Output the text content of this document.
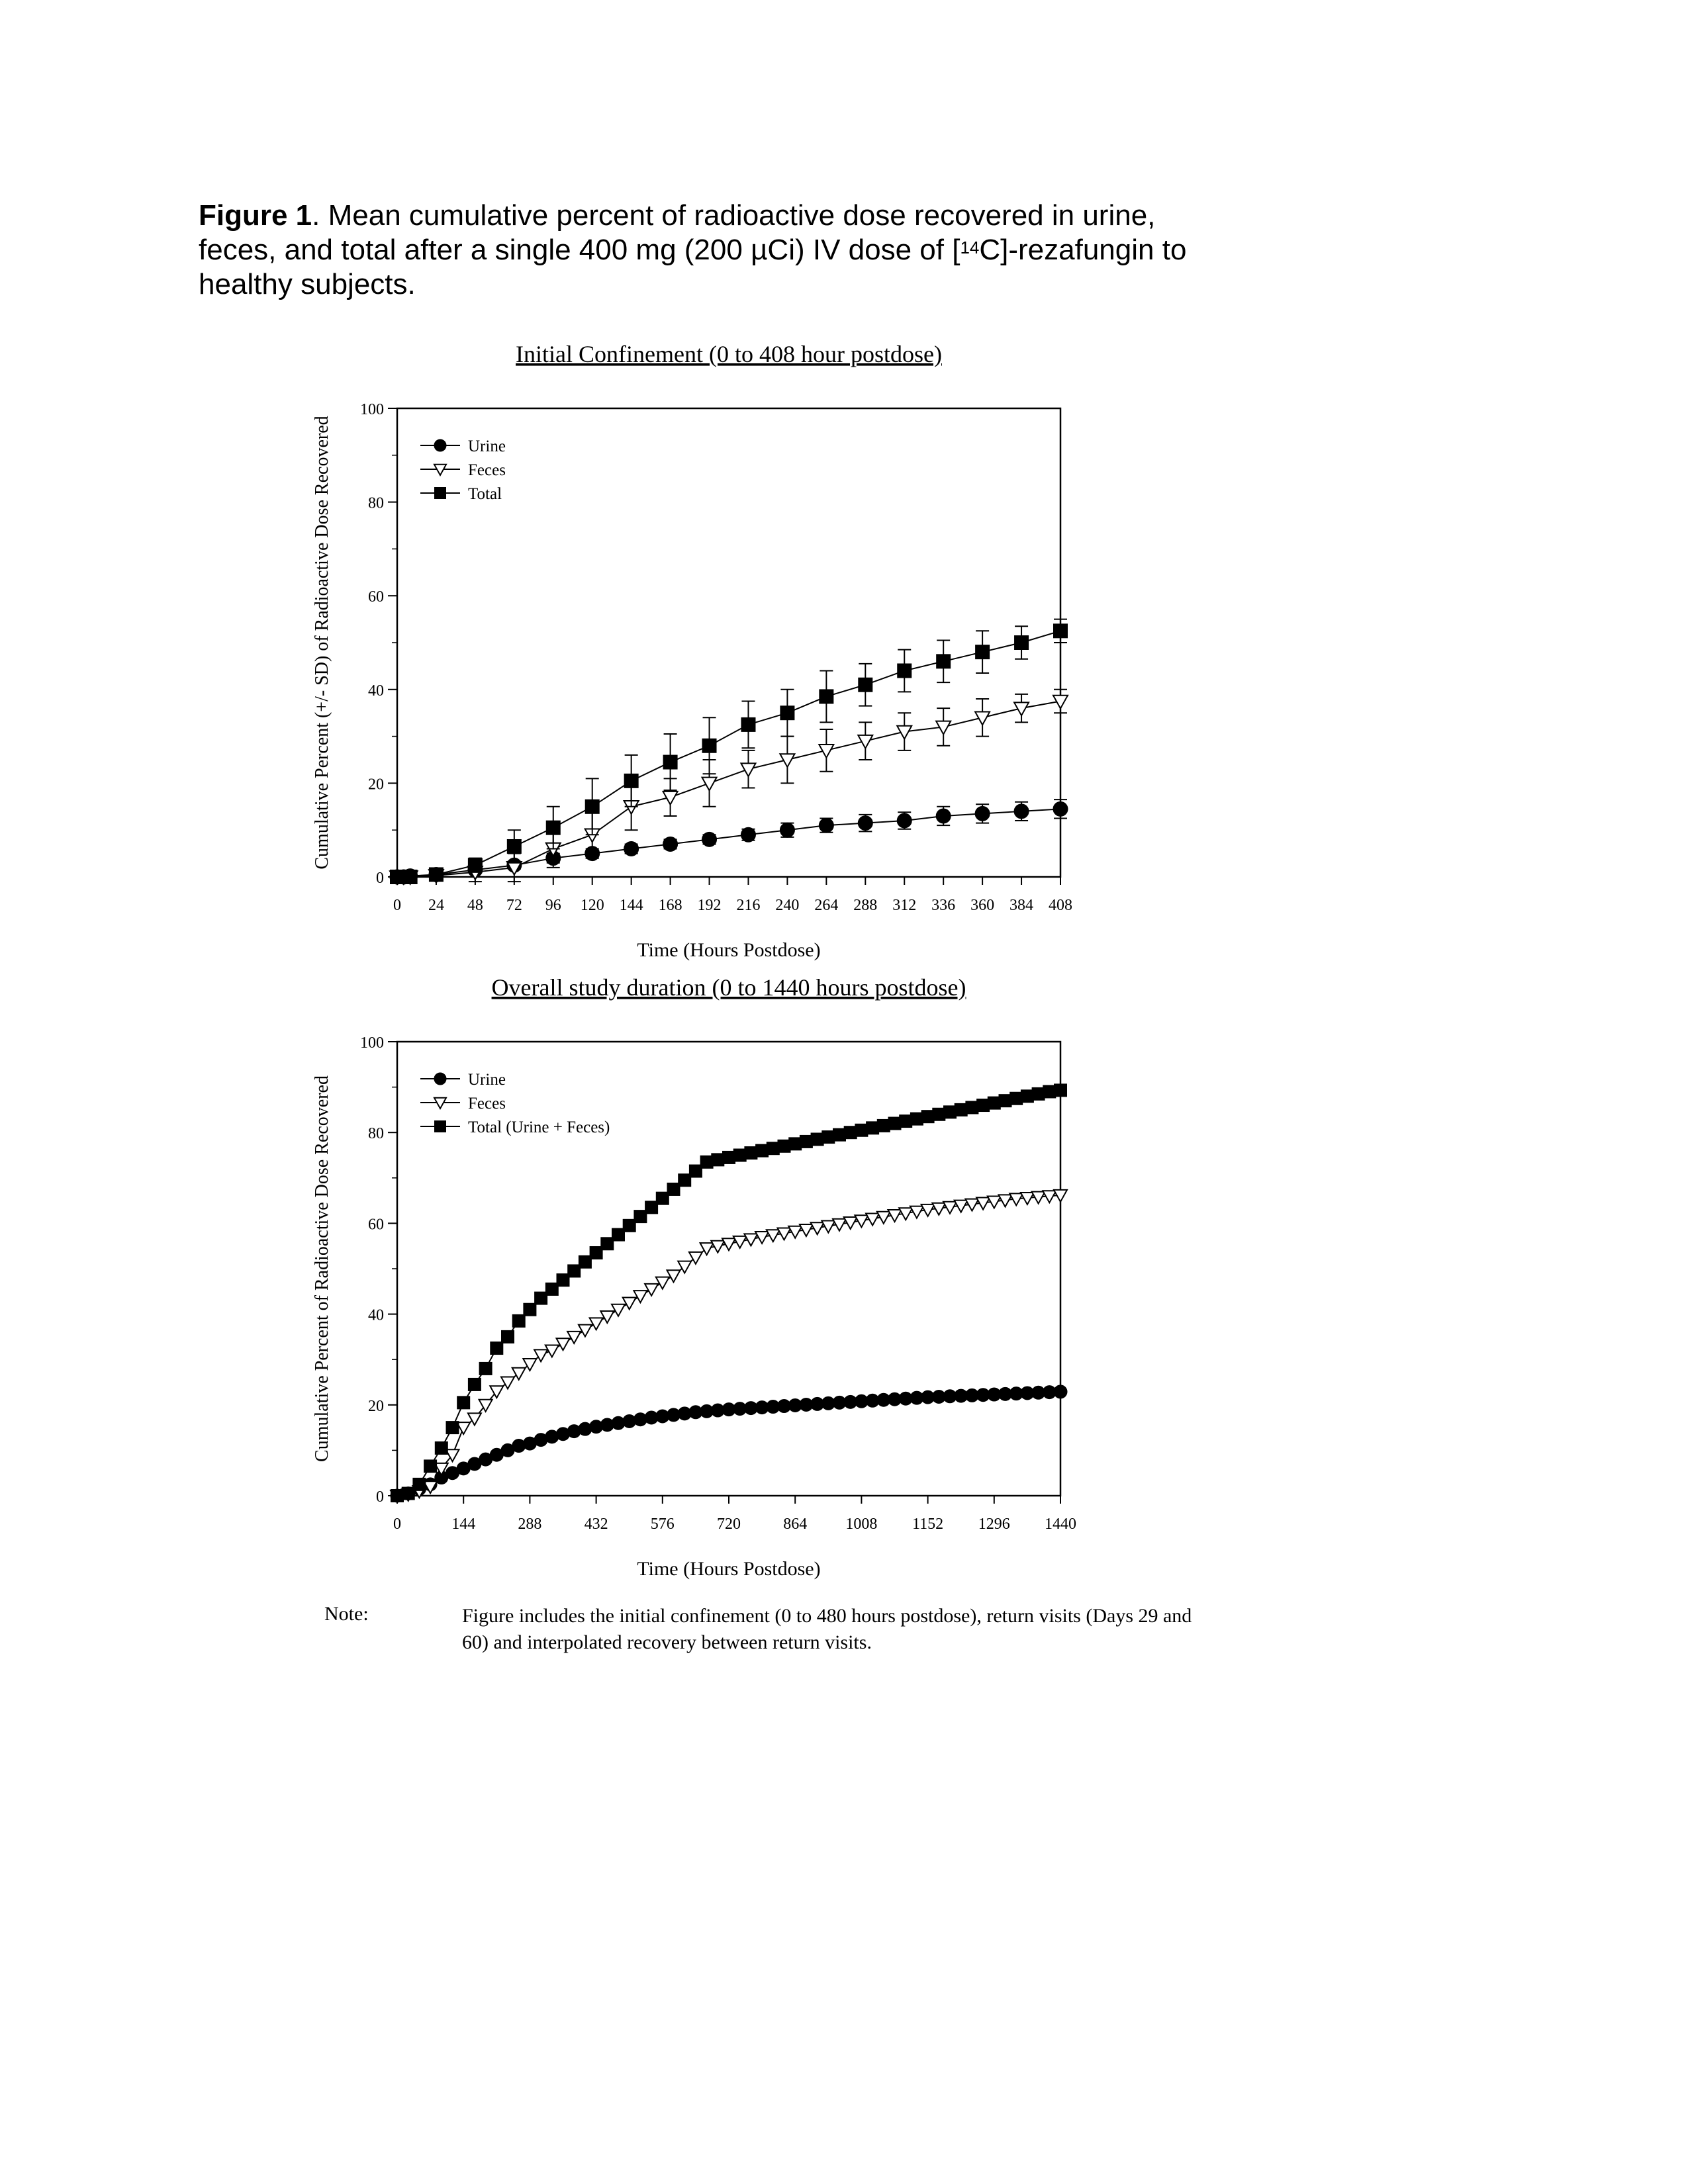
Figure 1. Mean cumulative percent of radioactive dose recovered in urine, feces, and total after a single 400 mg (200 µCi) IV dose of [$^{14}$C]-rezafungin to healthy subjects.
Initial Confinement (0 to 408 hour postdose)
0
20
40
60
80
100
0 24 48 72 96 120 144 168 192 216 240 264 288 312 336 360 384 408
Time (Hours Postdose)
Cumulative Percent (+/- SD) of Radioactive Dose Recovered	Urine
Feces
Total
Overall study duration (0 to 1440 hours postdose)
0
20
40
60
80
100
0	144	288	432	576	720	864 1008 1152 1296 1440
Time (Hours Postdose)
Cumulative Percent of Radioactive Dose Recovered	Urine
Feces
Total (Urine + Feces)
Note:	Figure includes the initial confinement (0 to 480 hours postdose), return visits (Days 29 and 60) and interpolated recovery between return visits.
